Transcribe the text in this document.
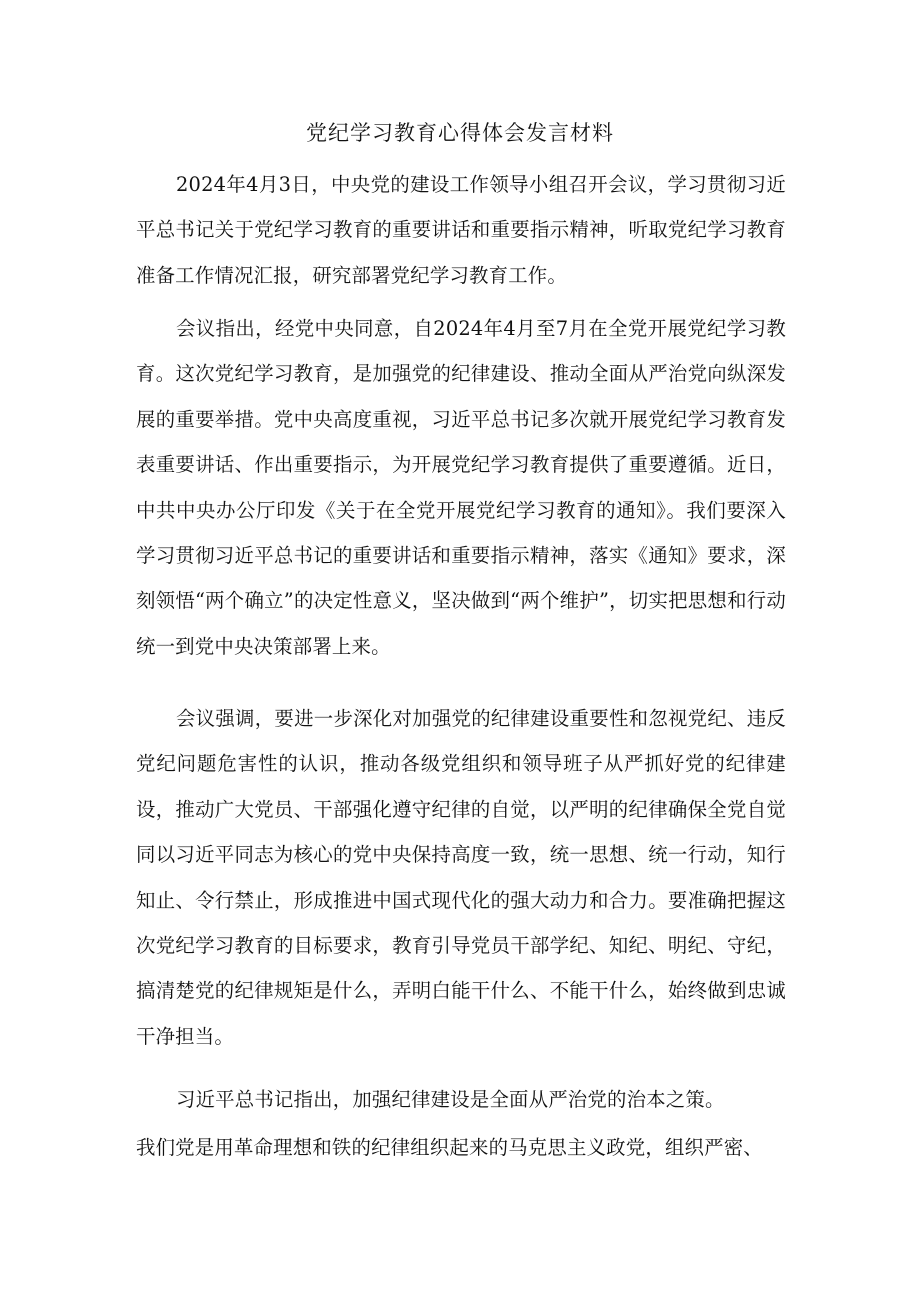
党纪学习教育心得体会发言材料

2024年4月3日，中央党的建设工作领导小组召开会议，学习贯彻习近平总书记关于党纪学习教育的重要讲话和重要指示精神，听取党纪学习教育准备工作情况汇报，研究部署党纪学习教育工作。

会议指出，经党中央同意，自2024年4月至7月在全党开展党纪学习教育。这次党纪学习教育，是加强党的纪律建设、推动全面从严治党向纵深发展的重要举措。党中央高度重视，习近平总书记多次就开展党纪学习教育发表重要讲话、作出重要指示，为开展党纪学习教育提供了重要遵循。近日，中共中央办公厅印发《关于在全党开展党纪学习教育的通知》。我们要深入学习贯彻习近平总书记的重要讲话和重要指示精神，落实《通知》要求，深刻领悟“两个确立”的决定性意义，坚决做到“两个维护”，切实把思想和行动统一到党中央决策部署上来。

会议强调，要进一步深化对加强党的纪律建设重要性和忽视党纪、违反党纪问题危害性的认识，推动各级党组织和领导班子从严抓好党的纪律建设，推动广大党员、干部强化遵守纪律的自觉，以严明的纪律确保全党自觉同以习近平同志为核心的党中央保持高度一致，统一思想、统一行动，知行知止、令行禁止，形成推进中国式现代化的强大动力和合力。要准确把握这次党纪学习教育的目标要求，教育引导党员干部学纪、知纪、明纪、守纪，搞清楚党的纪律规矩是什么，弄明白能干什么、不能干什么，始终做到忠诚干净担当。

习近平总书记指出，加强纪律建设是全面从严治党的治本之策。

我们党是用革命理想和铁的纪律组织起来的马克思主义政党，组织严密、
